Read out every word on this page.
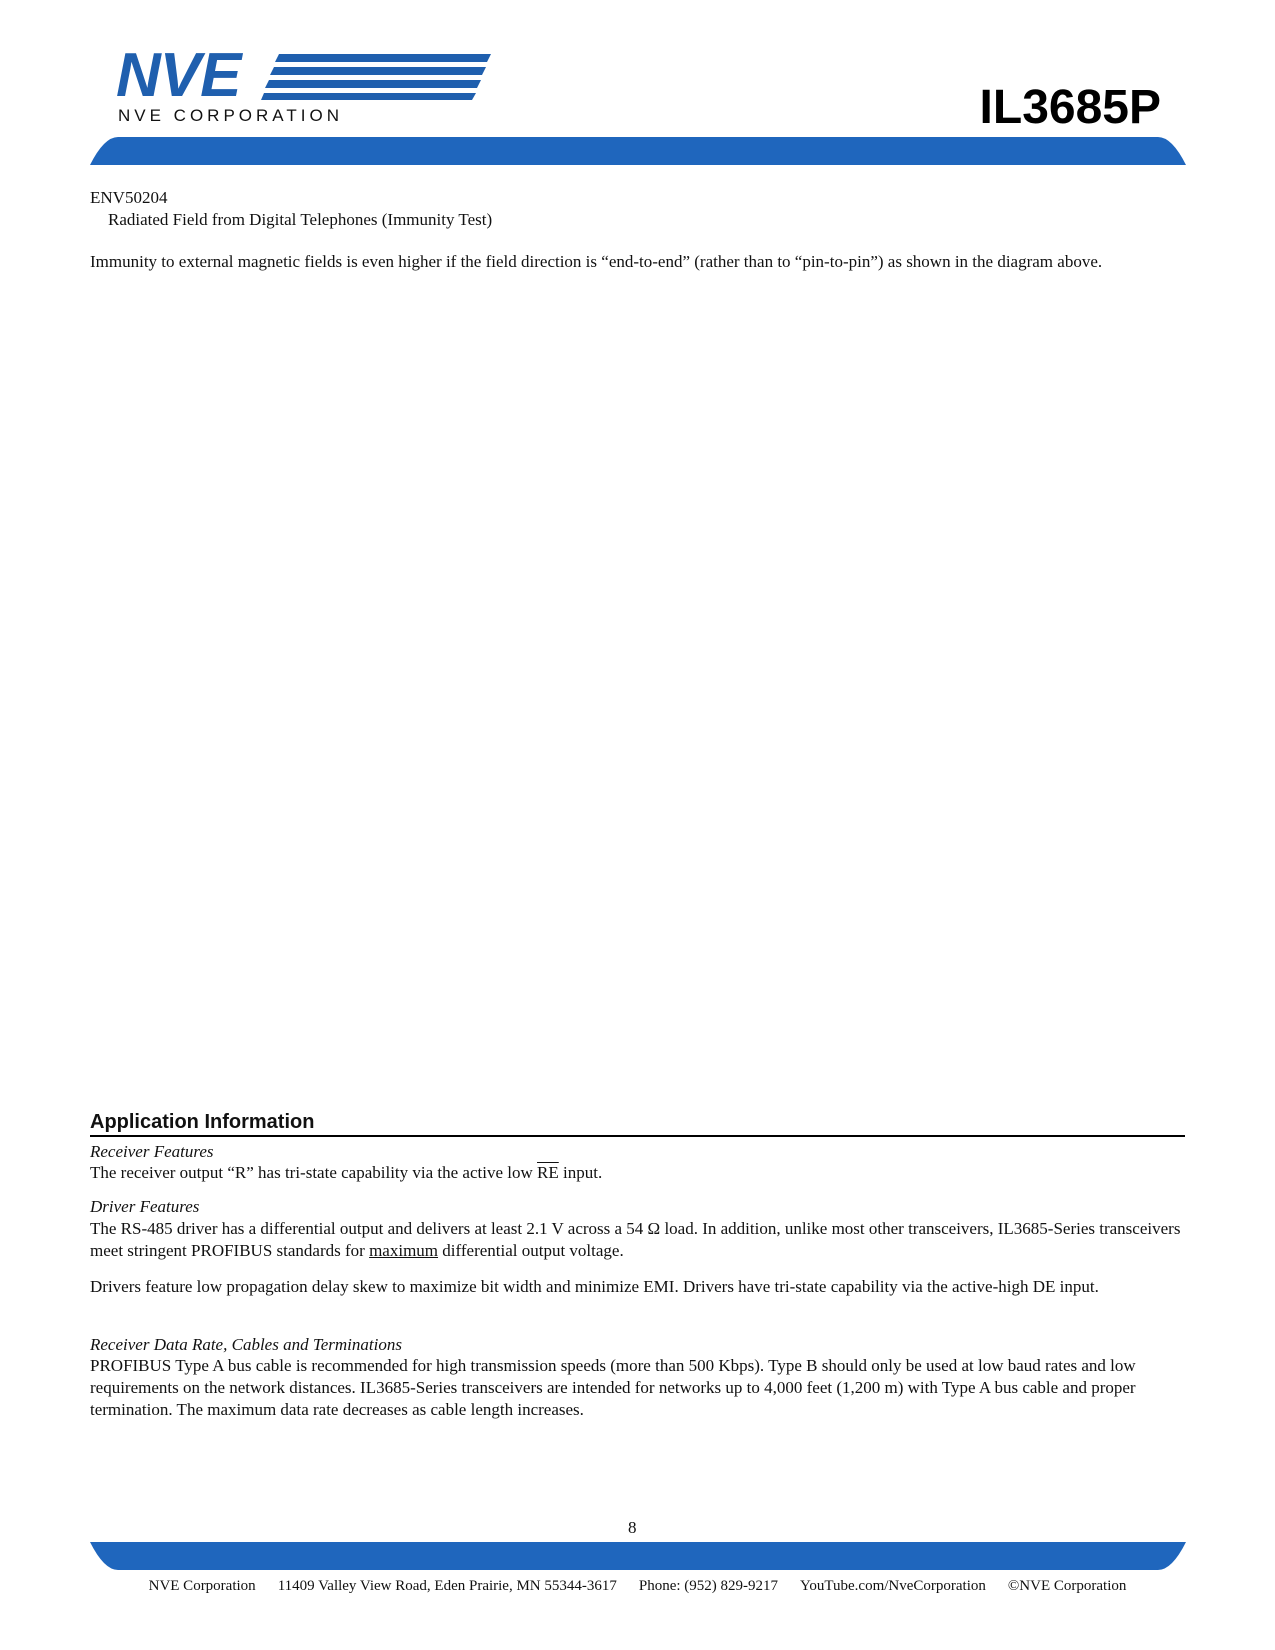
NVE
NVE CORPORATION	IL3685P
ENV50204
Radiated Field from Digital Telephones (Immunity Test)
Immunity to external magnetic fields is even higher if the field direction is “end-to-end” (rather than to “pin-to-pin”) as shown in the diagram above.
Application Information
Receiver Features
The receiver output “R” has tri-state capability via the active low $\overline{RE}$ input.
Driver Features
The RS-485 driver has a differential output and delivers at least 2.1 V across a 54 Ω load. In addition, unlike most other transceivers, IL3685-Series transceivers meet stringent PROFIBUS standards for maximum differential output voltage.
Drivers feature low propagation delay skew to maximize bit width and minimize EMI. Drivers have tri-state capability via the active-high DE input.
Receiver Data Rate, Cables and Terminations
PROFIBUS Type A bus cable is recommended for high transmission speeds (more than 500 Kbps). Type B should only be used at low baud rates and low requirements on the network distances. IL3685-Series transceivers are intended for networks up to 4,000 feet (1,200 m) with Type A bus cable and proper termination. The maximum data rate decreases as cable length increases.
8
NVE Corporation 11409 Valley View Road, Eden Prairie, MN 55344-3617 Phone: (952) 829-9217 YouTube.com/NveCorporation ©NVE Corporation
